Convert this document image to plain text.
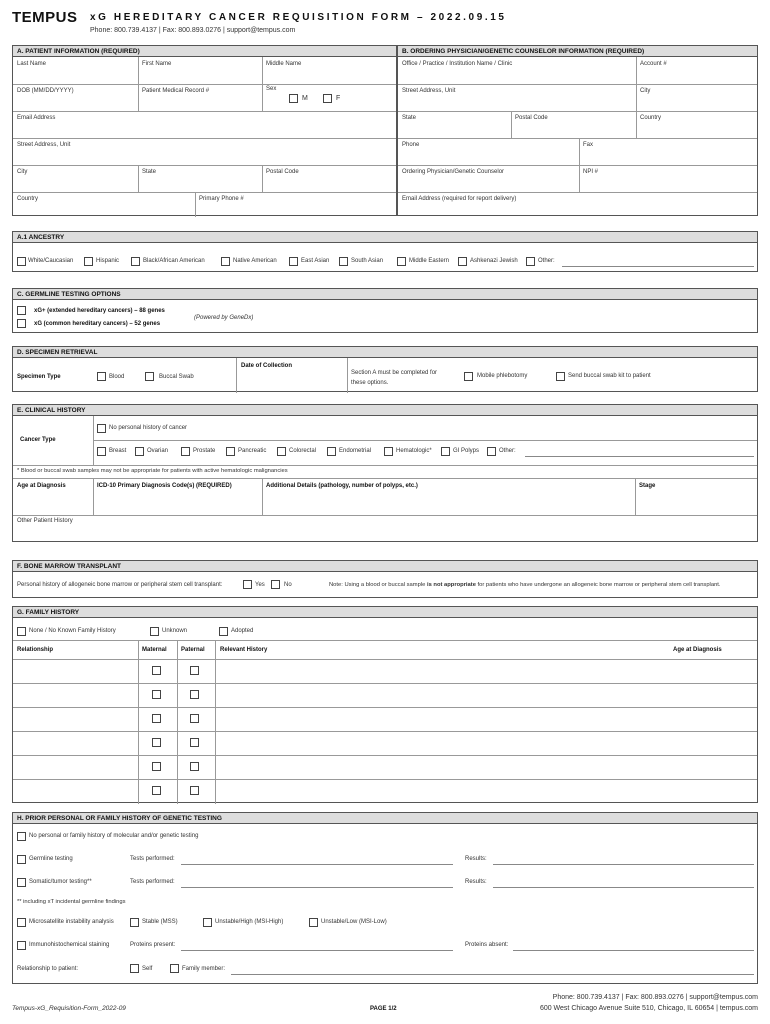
TEMPUS xG HEREDITARY CANCER REQUISITION FORM – 2022.09.15
Phone: 800.739.4137 | Fax: 800.893.0276 | support@tempus.com
A. PATIENT INFORMATION (REQUIRED)
Last Name	First Name	Middle Name
DOB (MM/DD/YYYY)	Patient Medical Record #	Sex
M	F
Email Address
Street Address, Unit
City	State	Postal Code
Country	Primary Phone #
B. ORDERING PHYSICIAN/GENETIC COUNSELOR INFORMATION (REQUIRED)
Office / Practice / Institution Name / Clinic	Account #
Street Address, Unit	City
State	Postal Code	Country
Phone	Fax
Ordering Physician/Genetic Counselor	NPI #
Email Address (required for report delivery)
A.1 ANCESTRY
White/Caucasian	Hispanic	Black/African American	Native American	East Asian	South Asian	Middle Eastern	Ashkenazi Jewish	Other:
C. GERMLINE TESTING OPTIONS
xG+ (extended hereditary cancers) – 88 genes
xG (common hereditary cancers) – 52 genes
(Powered by GeneDx)
D. SPECIMEN RETRIEVAL
Specimen Type	Blood	Buccal Swab
Date of Collection
Section A must be completed for these options.
Mobile phlebotomy	Send buccal swab kit to patient
E. CLINICAL HISTORY
Cancer Type
No personal history of cancer
Breast	Ovarian	Prostate	Pancreatic	Colorectal	Endometrial	Hematologic*	GI Polyps	Other:
* Blood or buccal swab samples may not be appropriate for patients with active hematologic malignancies
Age at Diagnosis	ICD-10 Primary Diagnosis Code(s) (REQUIRED)	Additional Details (pathology, number of polyps, etc.)	Stage
Other Patient History
F. BONE MARROW TRANSPLANT
Personal history of allogeneic bone marrow or peripheral stem cell transplant:	Yes	No	Note: Using a blood or buccal sample is not appropriate for patients who have undergone an allogeneic bone marrow or peripheral stem cell transplant.
G. FAMILY HISTORY
None / No Known Family History	Unknown	Adopted
Relationship	Maternal Paternal	Relevant History	Age at Diagnosis
H. PRIOR PERSONAL OR FAMILY HISTORY OF GENETIC TESTING
No personal or family history of molecular and/or genetic testing
Germline testing	Tests performed:	Results:
Somatic/tumor testing**	Tests performed:	Results:
** including xT incidental germline findings
Microsatellite instability analysis	Stable (MSS)	Unstable/High (MSI-High)	Unstable/Low (MSI-Low)
Immunohistochemical staining	Proteins present:	Proteins absent:
Relationship to patient:	Self	Family member:
Tempus-xG_Requisition-Form_2022-09	PAGE 1/2
Phone: 800.739.4137 | Fax: 800.893.0276 | support@tempus.com
600 West Chicago Avenue Suite 510, Chicago, IL 60654 | tempus.com
